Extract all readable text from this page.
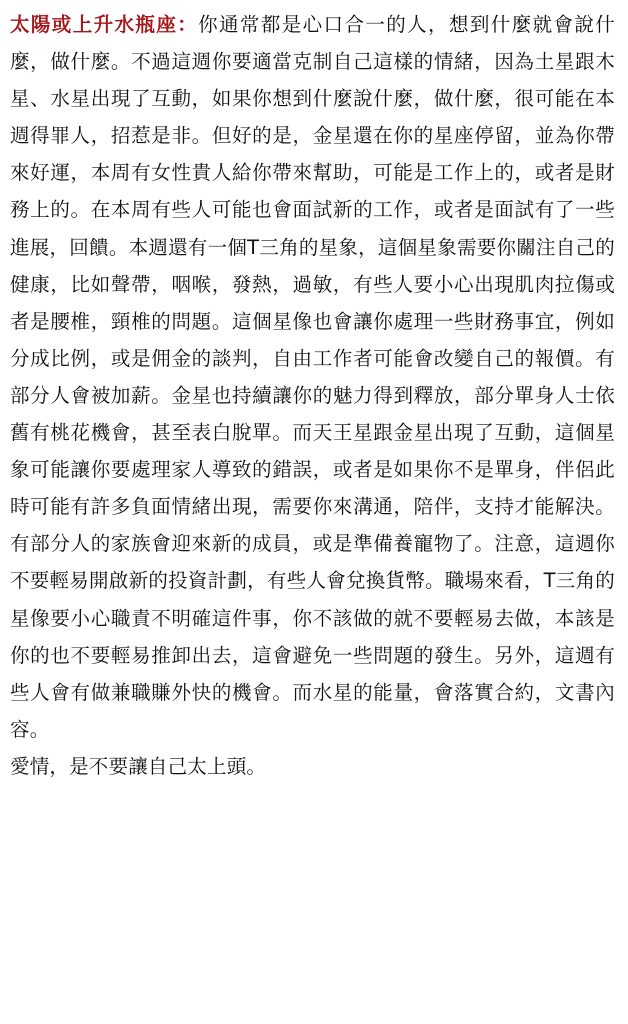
太陽或上升水瓶座：你通常都是心口合一的人，想到什麼就會說什麼，做什麼。不過這週你要適當克制自己這樣的情緒，因為土星跟木星、水星出現了互動，如果你想到什麼說什麼，做什麼，很可能在本週得罪人，招惹是非。但好的是，金星還在你的星座停留，並為你帶來好運，本周有女性貴人給你帶來幫助，可能是工作上的，或者是財務上的。在本周有些人可能也會面試新的工作，或者是面試有了一些進展，回饋。本週還有一個T三角的星象，這個星象需要你關注自己的健康，比如聲帶，咽喉，發熱，過敏，有些人要小心出現肌肉拉傷或者是腰椎，頸椎的問題。這個星像也會讓你處理一些財務事宜，例如分成比例，或是佣金的談判，自由工作者可能會改變自己的報價。有部分人會被加薪。金星也持續讓你的魅力得到釋放，部分單身人士依舊有桃花機會，甚至表白脫單。而天王星跟金星出現了互動，這個星象可能讓你要處理家人導致的錯誤，或者是如果你不是單身，伴侶此時可能有許多負面情緒出現，需要你來溝通，陪伴，支持才能解決。有部分人的家族會迎來新的成員，或是準備養寵物了。注意，這週你不要輕易開啟新的投資計劃，有些人會兌換貨幣。職場來看，T三角的星像要小心職責不明確這件事，你不該做的就不要輕易去做，本該是你的也不要輕易推卸出去，這會避免一些問題的發生。另外，這週有些人會有做兼職賺外快的機會。而水星的能量，會落實合約，文書內容。

愛情，是不要讓自己太上頭。
